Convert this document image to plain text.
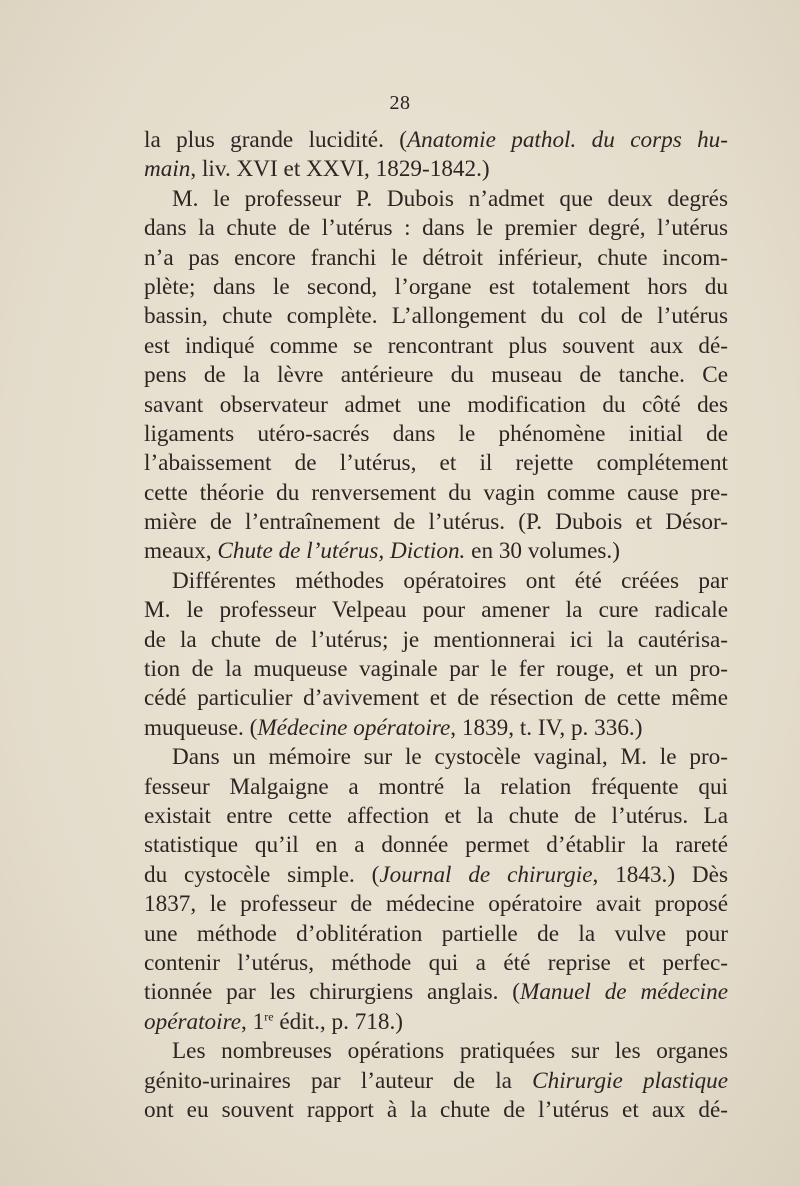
28
la plus grande lucidité. (Anatomie pathol. du corps hu-
main, liv. XVI et XXVI, 1829-1842.)
M. le professeur P. Dubois n’admet que deux degrés
dans la chute de l’utérus : dans le premier degré, l’utérus
n’a pas encore franchi le détroit inférieur, chute incom-
plète; dans le second, l’organe est totalement hors du
bassin, chute complète. L’allongement du col de l’utérus
est indiqué comme se rencontrant plus souvent aux dé-
pens de la lèvre antérieure du museau de tanche. Ce
savant observateur admet une modification du côté des
ligaments utéro-sacrés dans le phénomène initial de
l’abaissement de l’utérus, et il rejette complétement
cette théorie du renversement du vagin comme cause pre-
mière de l’entraînement de l’utérus. (P. Dubois et Désor-
meaux, Chute de l’utérus, Diction. en 30 volumes.)
Différentes méthodes opératoires ont été créées par
M. le professeur Velpeau pour amener la cure radicale
de la chute de l’utérus; je mentionnerai ici la cautérisa-
tion de la muqueuse vaginale par le fer rouge, et un pro-
cédé particulier d’avivement et de résection de cette même
muqueuse. (Médecine opératoire, 1839, t. IV, p. 336.)
Dans un mémoire sur le cystocèle vaginal, M. le pro-
fesseur Malgaigne a montré la relation fréquente qui
existait entre cette affection et la chute de l’utérus. La
statistique qu’il en a donnée permet d’établir la rareté
du cystocèle simple. (Journal de chirurgie, 1843.) Dès
1837, le professeur de médecine opératoire avait proposé
une méthode d’oblitération partielle de la vulve pour
contenir l’utérus, méthode qui a été reprise et perfec-
tionnée par les chirurgiens anglais. (Manuel de médecine
opératoire, 1re édit., p. 718.)
Les nombreuses opérations pratiquées sur les organes
génito-urinaires par l’auteur de la Chirurgie plastique
ont eu souvent rapport à la chute de l’utérus et aux dé-
